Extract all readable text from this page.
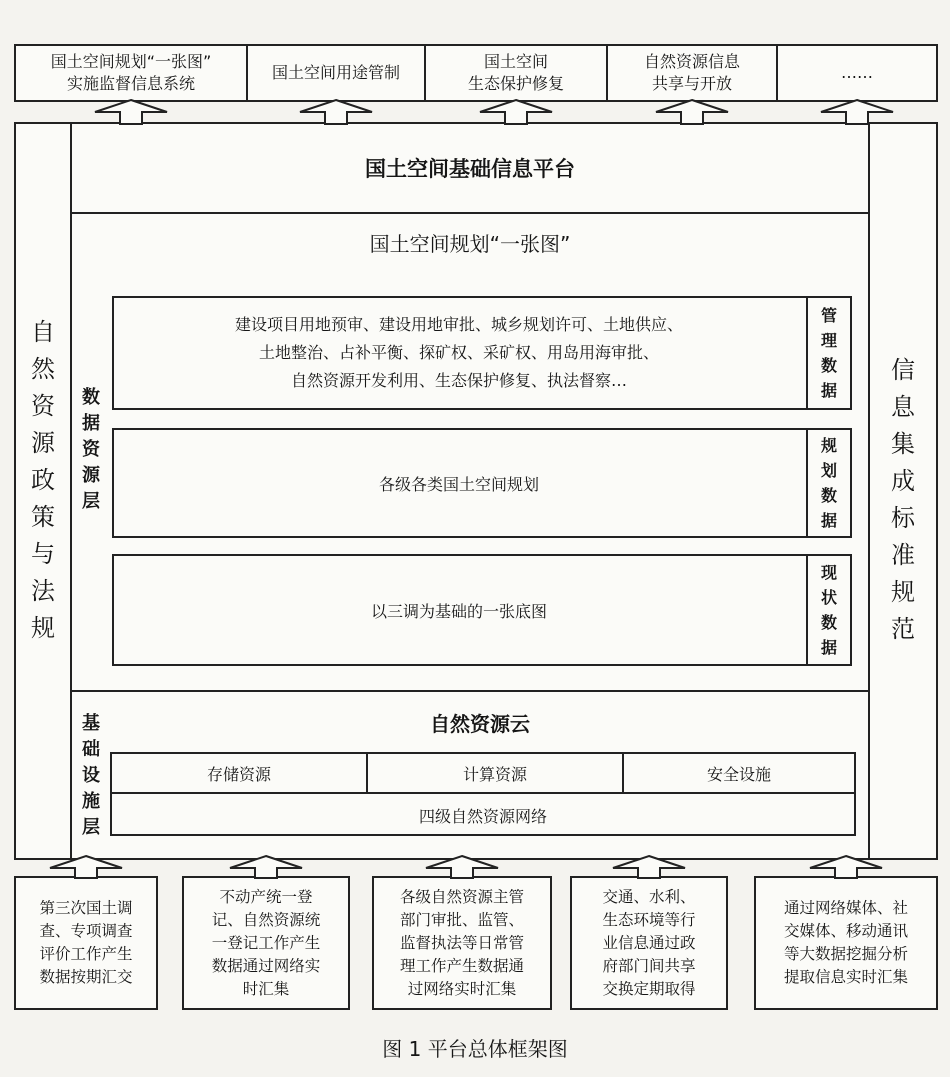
国土空间规划“一张图”
实施监督信息系统
国土空间用途管制
国土空间
生态保护修复
自然资源信息
共享与开放
……
自然资源政策与法规
信息集成标准规范
国土空间基础信息平台
国土空间规划“一张图”
数据资源层
建设项目用地预审、建设用地审批、城乡规划许可、土地供应、
土地整治、占补平衡、探矿权、采矿权、用岛用海审批、
自然资源开发利用、生态保护修复、执法督察…
管理数据
各级各类国土空间规划
规划数据
以三调为基础的一张底图
现状数据
基础设施层
自然资源云
存储资源	计算资源	安全设施
四级自然资源网络
第三次国土调
查、专项调查
评价工作产生
数据按期汇交
不动产统一登
记、自然资源统
一登记工作产生
数据通过网络实
时汇集
各级自然资源主管
部门审批、监管、
监督执法等日常管
理工作产生数据通
过网络实时汇集
交通、水利、
生态环境等行
业信息通过政
府部门间共享
交换定期取得
通过网络媒体、社
交媒体、移动通讯
等大数据挖掘分析
提取信息实时汇集
图 1 平台总体框架图
